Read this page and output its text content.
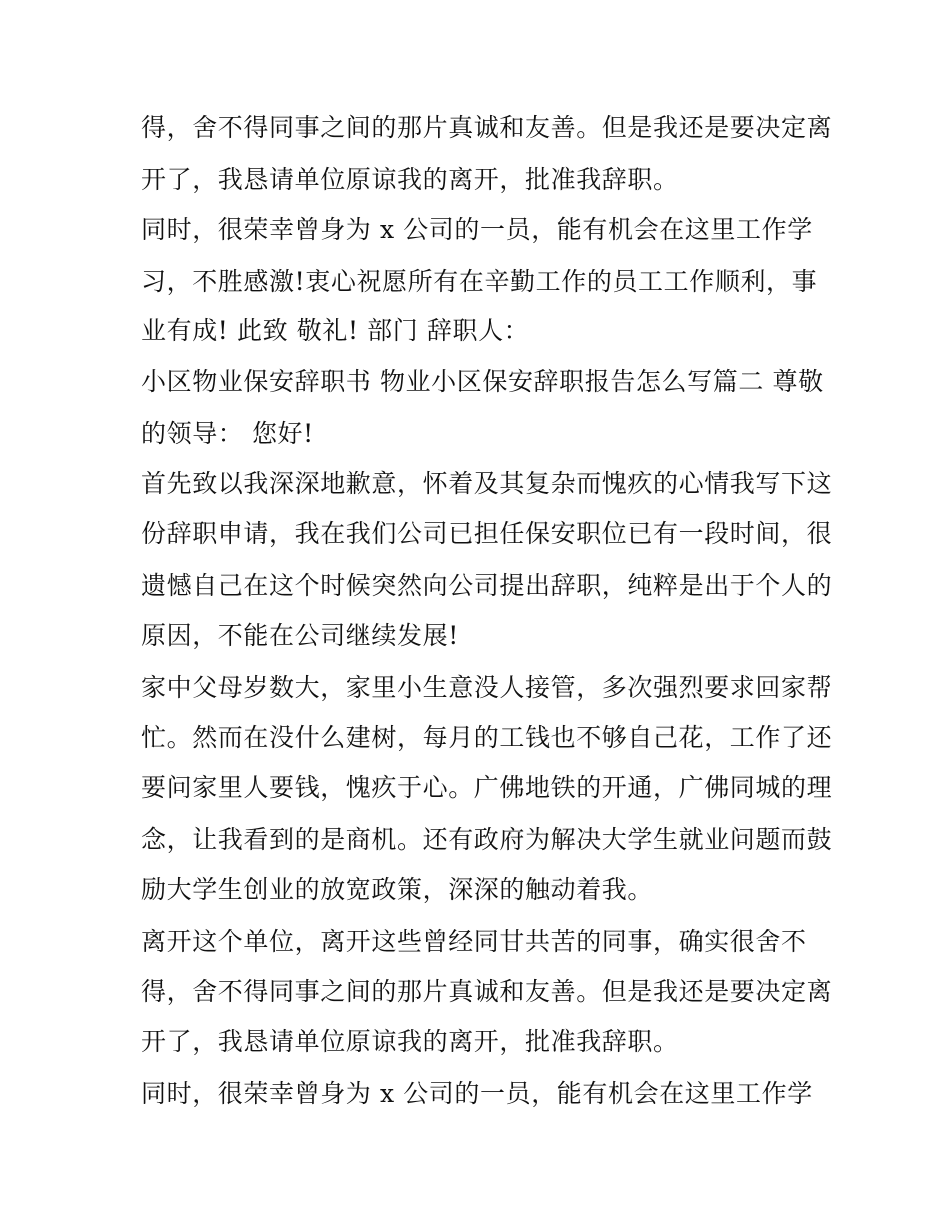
得，舍不得同事之间的那片真诚和友善。但是我还是要决定离
开了，我恳请单位原谅我的离开，批准我辞职。
同时，很荣幸曾身为 x 公司的一员，能有机会在这里工作学
习，不胜感激!衷心祝愿所有在辛勤工作的员工工作顺利，事
业有成! 此致 敬礼! 部门 辞职人：
小区物业保安辞职书 物业小区保安辞职报告怎么写篇二 尊敬
的领导： 您好!
首先致以我深深地歉意，怀着及其复杂而愧疚的心情我写下这
份辞职申请，我在我们公司已担任保安职位已有一段时间，很
遗憾自己在这个时候突然向公司提出辞职，纯粹是出于个人的
原因，不能在公司继续发展!
家中父母岁数大，家里小生意没人接管，多次强烈要求回家帮
忙。然而在没什么建树，每月的工钱也不够自己花，工作了还
要问家里人要钱，愧疚于心。广佛地铁的开通，广佛同城的理
念，让我看到的是商机。还有政府为解决大学生就业问题而鼓
励大学生创业的放宽政策，深深的触动着我。
离开这个单位，离开这些曾经同甘共苦的同事，确实很舍不
得，舍不得同事之间的那片真诚和友善。但是我还是要决定离
开了，我恳请单位原谅我的离开，批准我辞职。
同时，很荣幸曾身为 x 公司的一员，能有机会在这里工作学
